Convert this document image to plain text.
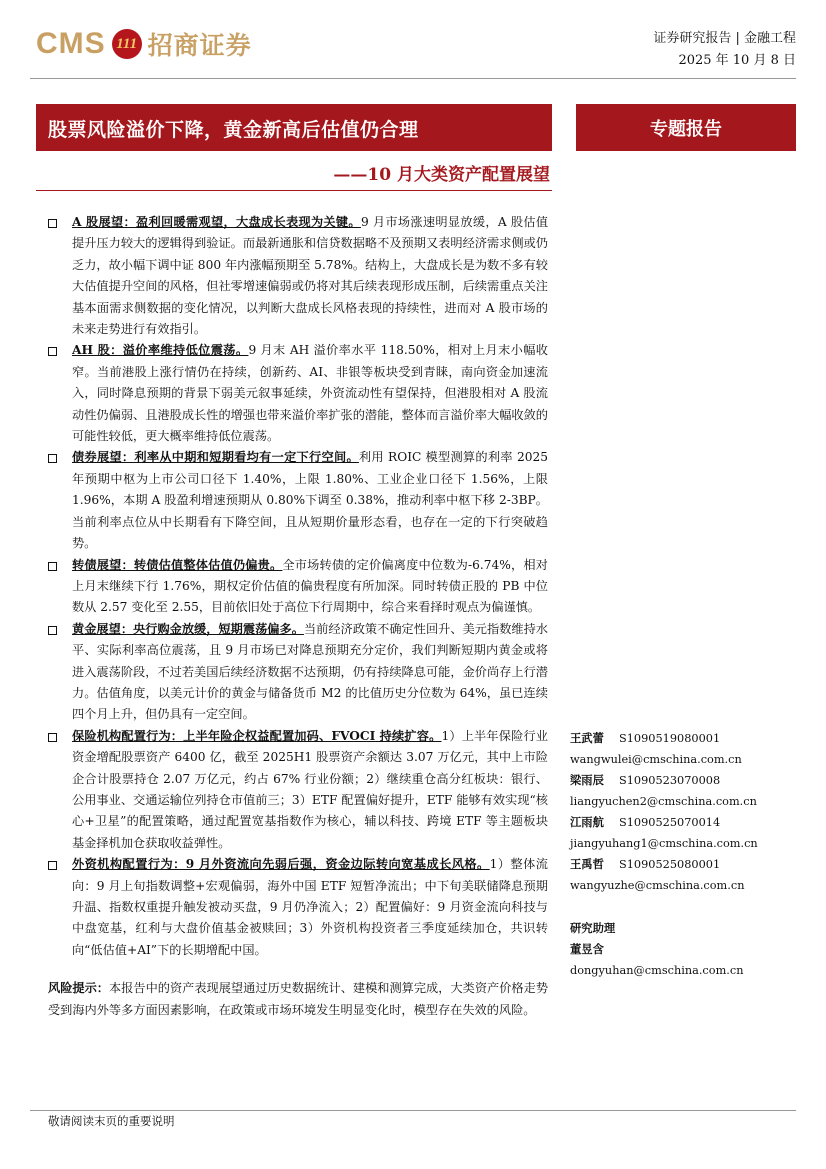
CMS 111 招商证券	证券研究报告 | 金融工程
2025 年 10 月 8 日
股票风险溢价下降，黄金新高后估值仍合理	专题报告
——10 月大类资产配置展望

A 股展望：盈利回暖需观望，大盘成长表现为关键。9 月市场涨速明显放缓，A 股估值提升压力较大的逻辑得到验证。而最新通胀和信贷数据略不及预期又表明经济需求侧或仍乏力，故小幅下调中证 800 年内涨幅预期至 5.78%。结构上，大盘成长是为数不多有较大估值提升空间的风格，但社零增速偏弱或仍将对其后续表现形成压制，后续需重点关注基本面需求侧数据的变化情况，以判断大盘成长风格表现的持续性，进而对 A 股市场的未来走势进行有效指引。

AH 股：溢价率维持低位震荡。9 月末 AH 溢价率水平 118.50%，相对上月末小幅收窄。当前港股上涨行情仍在持续，创新药、AI、非银等板块受到青睐，南向资金加速流入，同时降息预期的背景下弱美元叙事延续，外资流动性有望保持，但港股相对 A 股流动性仍偏弱、且港股成长性的增强也带来溢价率扩张的潜能，整体而言溢价率大幅收敛的可能性较低，更大概率维持低位震荡。

债券展望：利率从中期和短期看均有一定下行空间。利用 ROIC 模型测算的利率 2025 年预期中枢为上市公司口径下 1.40%，上限 1.80%、工业企业口径下 1.56%，上限 1.96%，本期 A 股盈利增速预期从 0.80%下调至 0.38%，推动利率中枢下移 2-3BP。当前利率点位从中长期看有下降空间，且从短期价量形态看，也存在一定的下行突破趋势。

转债展望：转债估值整体估值仍偏贵。全市场转债的定价偏离度中位数为-6.74%，相对上月末继续下行 1.76%，期权定价估值的偏贵程度有所加深。同时转债正股的 PB 中位数从 2.57 变化至 2.55，目前依旧处于高位下行周期中，综合来看择时观点为偏谨慎。

黄金展望：央行购金放缓，短期震荡偏多。当前经济政策不确定性回升、美元指数维持水平、实际利率高位震荡，且 9 月市场已对降息预期充分定价，我们判断短期内黄金或将进入震荡阶段，不过若美国后续经济数据不达预期，仍有持续降息可能，金价尚存上行潜力。估值角度，以美元计价的黄金与储备货币 M2 的比值历史分位数为 64%，虽已连续四个月上升，但仍具有一定空间。

保险机构配置行为：上半年险企权益配置加码、FVOCI 持续扩容。1）上半年保险行业资金增配股票资产 6400 亿，截至 2025H1 股票资产余额达 3.07 万亿元，其中上市险企合计股票持仓 2.07 万亿元，约占 67% 行业份额；2）继续重仓高分红板块：银行、公用事业、交通运输位列持仓市值前三；3）ETF 配置偏好提升，ETF 能够有效实现“核心+卫星”的配置策略，通过配置宽基指数作为核心，辅以科技、跨境 ETF 等主题板块基金择机加仓获取收益弹性。

外资机构配置行为：9 月外资流向先弱后强，资金边际转向宽基成长风格。1）整体流向：9 月上旬指数调整+宏观偏弱，海外中国 ETF 短暂净流出；中下旬美联储降息预期升温、指数权重提升触发被动买盘，9 月仍净流入；2）配置偏好：9 月资金流向科技与中盘宽基，红利与大盘价值基金被赎回；3）外资机构投资者三季度延续加仓，共识转向“低估值+AI”下的长期增配中国。

风险提示：本报告中的资产表现展望通过历史数据统计、建模和测算完成，大类资产价格走势受到海内外等多方面因素影响，在政策或市场环境发生明显变化时，模型存在失效的风险。

王武蕾 S1090519080001
wangwulei@cmschina.com.cn
梁雨辰 S1090523070008
liangyuchen2@cmschina.com.cn
江雨航 S1090525070014
jiangyuhang1@cmschina.com.cn
王禹哲 S1090525080001
wangyuzhe@cmschina.com.cn
研究助理
董昱含
dongyuhan@cmschina.com.cn
敬请阅读末页的重要说明
